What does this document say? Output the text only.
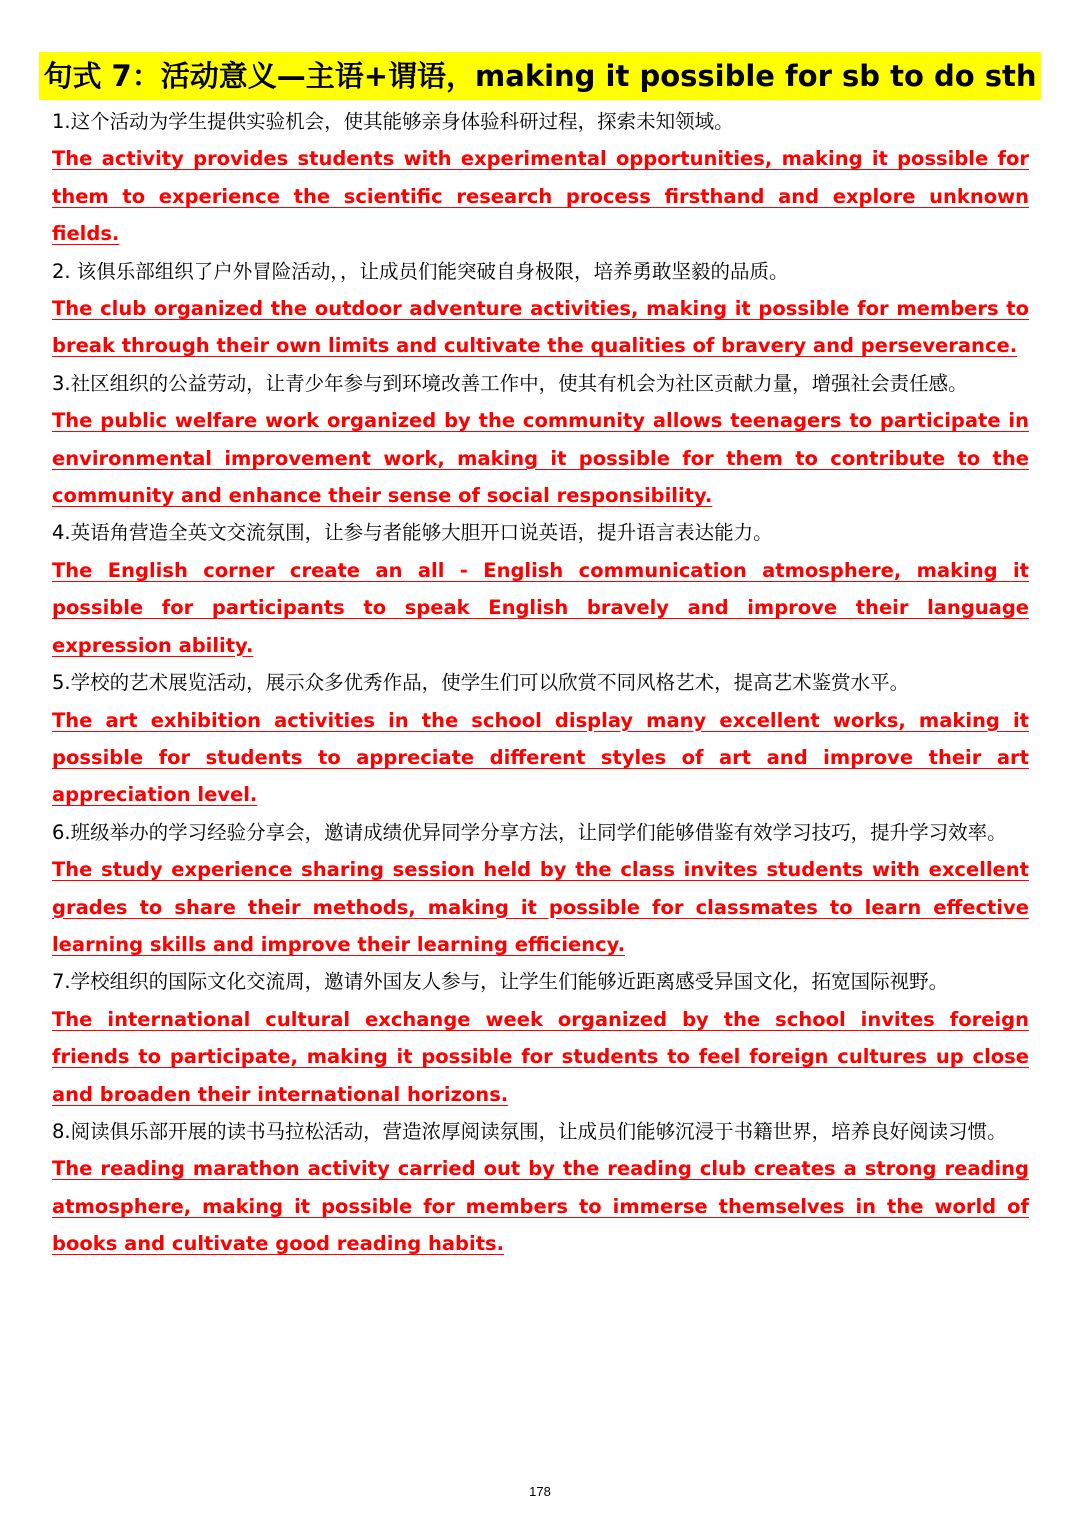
句式 7：活动意义—主语+谓语，making it possible for sb to do sth
1.这个活动为学生提供实验机会，使其能够亲身体验科研过程，探索未知领域。
The activity provides students with experimental opportunities, making it possible for them to experience the scientific research process firsthand and explore unknown fields.
2. 该俱乐部组织了户外冒险活动，，让成员们能突破自身极限，培养勇敢坚毅的品质。
The club organized the outdoor adventure activities, making it possible for members to break through their own limits and cultivate the qualities of bravery and perseverance.
3.社区组织的公益劳动，让青少年参与到环境改善工作中，使其有机会为社区贡献力量，增强社会责任感。
The public welfare work organized by the community allows teenagers to participate in environmental improvement work, making it possible for them to contribute to the community and enhance their sense of social responsibility.
4.英语角营造全英文交流氛围，让参与者能够大胆开口说英语，提升语言表达能力。
The English corner create an all - English communication atmosphere, making it possible for participants to speak English bravely and improve their language expression ability.
5.学校的艺术展览活动，展示众多优秀作品，使学生们可以欣赏不同风格艺术，提高艺术鉴赏水平。
The art exhibition activities in the school display many excellent works, making it possible for students to appreciate different styles of art and improve their art appreciation level.
6.班级举办的学习经验分享会，邀请成绩优异同学分享方法，让同学们能够借鉴有效学习技巧，提升学习效率。
The study experience sharing session held by the class invites students with excellent grades to share their methods, making it possible for classmates to learn effective learning skills and improve their learning efficiency.
7.学校组织的国际文化交流周，邀请外国友人参与，让学生们能够近距离感受异国文化，拓宽国际视野。
The international cultural exchange week organized by the school invites foreign friends to participate, making it possible for students to feel foreign cultures up close and broaden their international horizons.
8.阅读俱乐部开展的读书马拉松活动，营造浓厚阅读氛围，让成员们能够沉浸于书籍世界，培养良好阅读习惯。
The reading marathon activity carried out by the reading club creates a strong reading atmosphere, making it possible for members to immerse themselves in the world of books and cultivate good reading habits.
178
